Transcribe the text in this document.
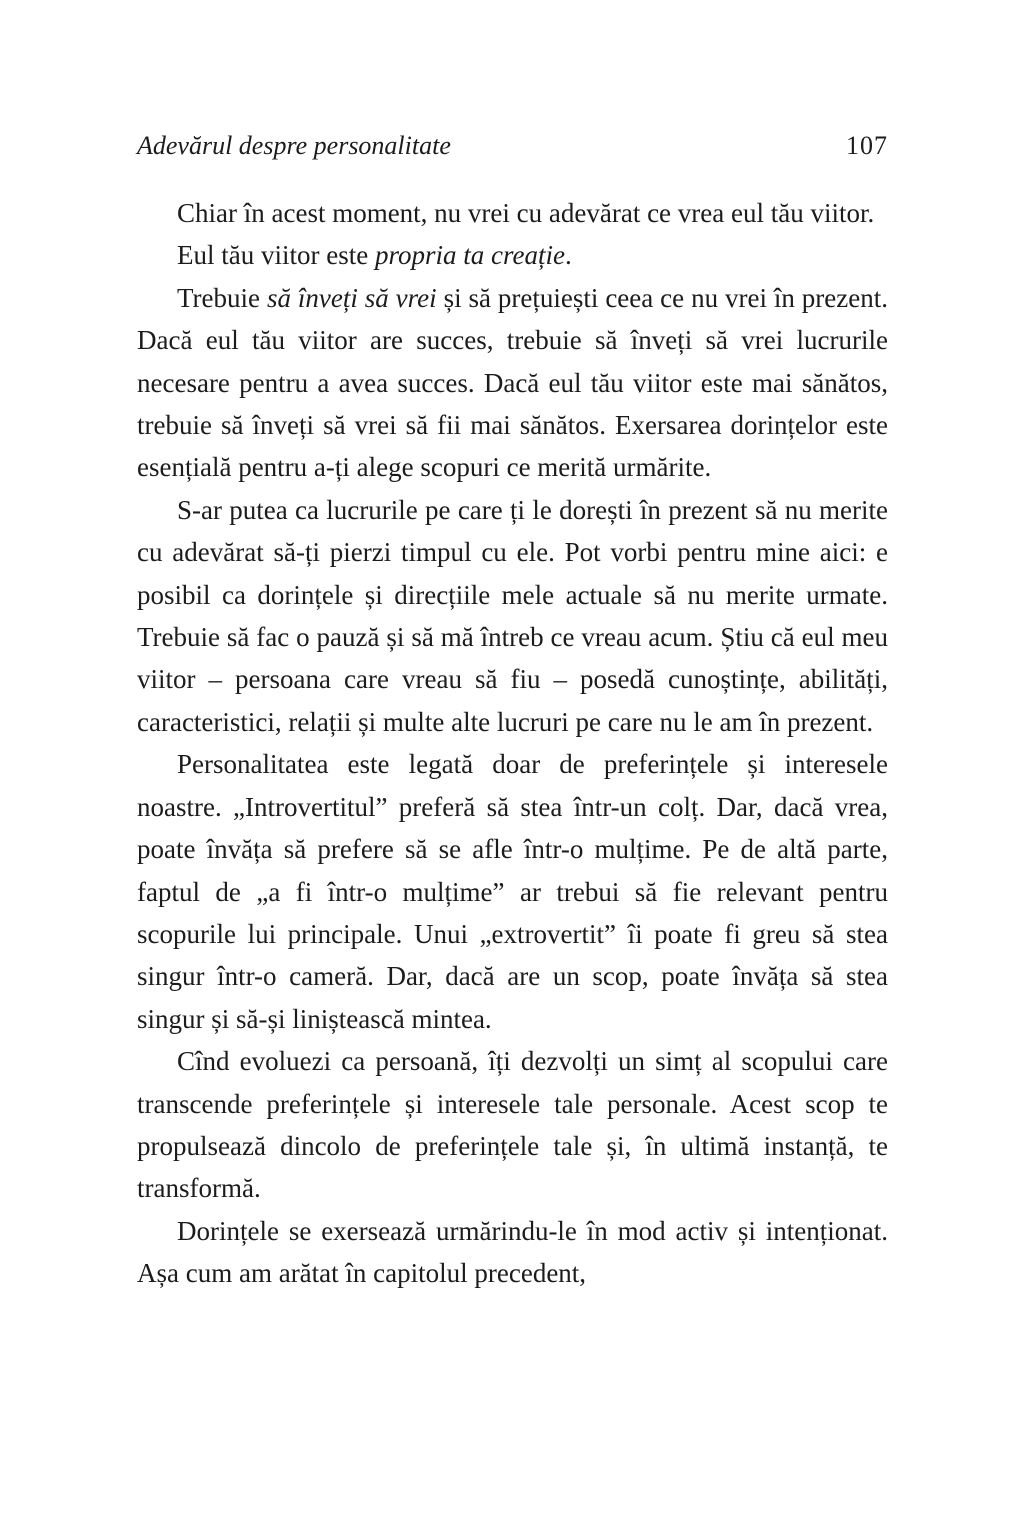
Adevărul despre personalitate	107

Chiar în acest moment, nu vrei cu adevărat ce vrea eul tău viitor.

Eul tău viitor este propria ta creație.

Trebuie să înveți să vrei și să prețuiești ceea ce nu vrei în prezent. Dacă eul tău viitor are succes, trebuie să înveți să vrei lucrurile necesare pentru a avea succes. Dacă eul tău viitor este mai sănătos, trebuie să înveți să vrei să fii mai sănătos. Exersarea dorințelor este esențială pentru a-ți alege scopuri ce merită urmărite.

S-ar putea ca lucrurile pe care ți le dorești în prezent să nu merite cu adevărat să-ți pierzi timpul cu ele. Pot vorbi pentru mine aici: e posibil ca dorințele și direcțiile mele actuale să nu merite urmate. Trebuie să fac o pauză și să mă întreb ce vreau acum. Știu că eul meu viitor – persoana care vreau să fiu – posedă cunoștințe, abilități, caracteristici, relații și multe alte lucruri pe care nu le am în prezent.

Personalitatea este legată doar de preferințele și interesele noastre. „Introvertitul” preferă să stea într-un colț. Dar, dacă vrea, poate învăța să prefere să se afle într-o mulțime. Pe de altă parte, faptul de „a fi într-o mulțime” ar trebui să fie relevant pentru scopurile lui principale. Unui „extrovertit” îi poate fi greu să stea singur într-o cameră. Dar, dacă are un scop, poate învăța să stea singur și să-și liniștească mintea.

Cînd evoluezi ca persoană, îți dezvolți un simț al scopului care transcende preferințele și interesele tale personale. Acest scop te propulsează dincolo de preferințele tale și, în ultimă instanță, te transformă.

Dorințele se exersează urmărindu-le în mod activ și intenționat. Așa cum am arătat în capitolul precedent,
